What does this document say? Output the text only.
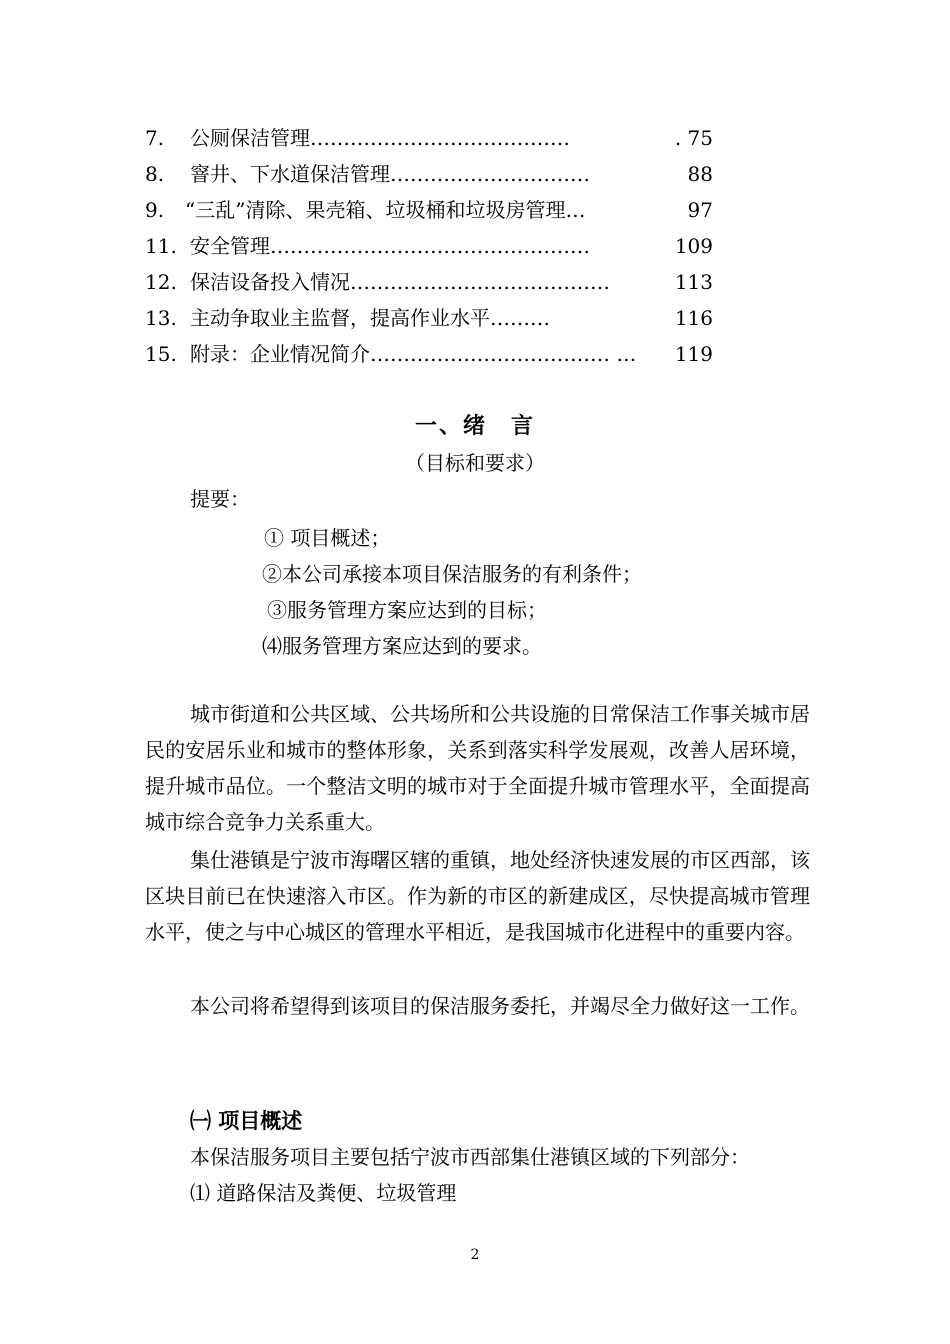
7. 公厕保洁管理…………………………………	. 75
8. 窨井、下水道保洁管理…………………………	88
9. “三乱”清除、果壳箱、垃圾桶和垃圾房管理…	97
11. 安全管理…………………………………………	109
12. 保洁设备投入情况…………………………………	113
13. 主动争取业主监督，提高作业水平………	116
15. 附录：企业情况简介……………………………… … 119
一、绪　言
（目标和要求）
提要：
① 项目概述；
②本公司承接本项目保洁服务的有利条件；
③服务管理方案应达到的目标；
⑷服务管理方案应达到的要求。

城市街道和公共区域、公共场所和公共设施的日常保洁工作事关城市居民的安居乐业和城市的整体形象，关系到落实科学发展观，改善人居环境，提升城市品位。一个整洁文明的城市对于全面提升城市管理水平，全面提高城市综合竞争力关系重大。

集仕港镇是宁波市海曙区辖的重镇，地处经济快速发展的市区西部，该区块目前已在快速溶入市区。作为新的市区的新建成区，尽快提高城市管理水平，使之与中心城区的管理水平相近，是我国城市化进程中的重要内容。

本公司将希望得到该项目的保洁服务委托，并竭尽全力做好这一工作。

㈠ 项目概述
本保洁服务项目主要包括宁波市西部集仕港镇区域的下列部分：
⑴ 道路保洁及粪便、垃圾管理
2
